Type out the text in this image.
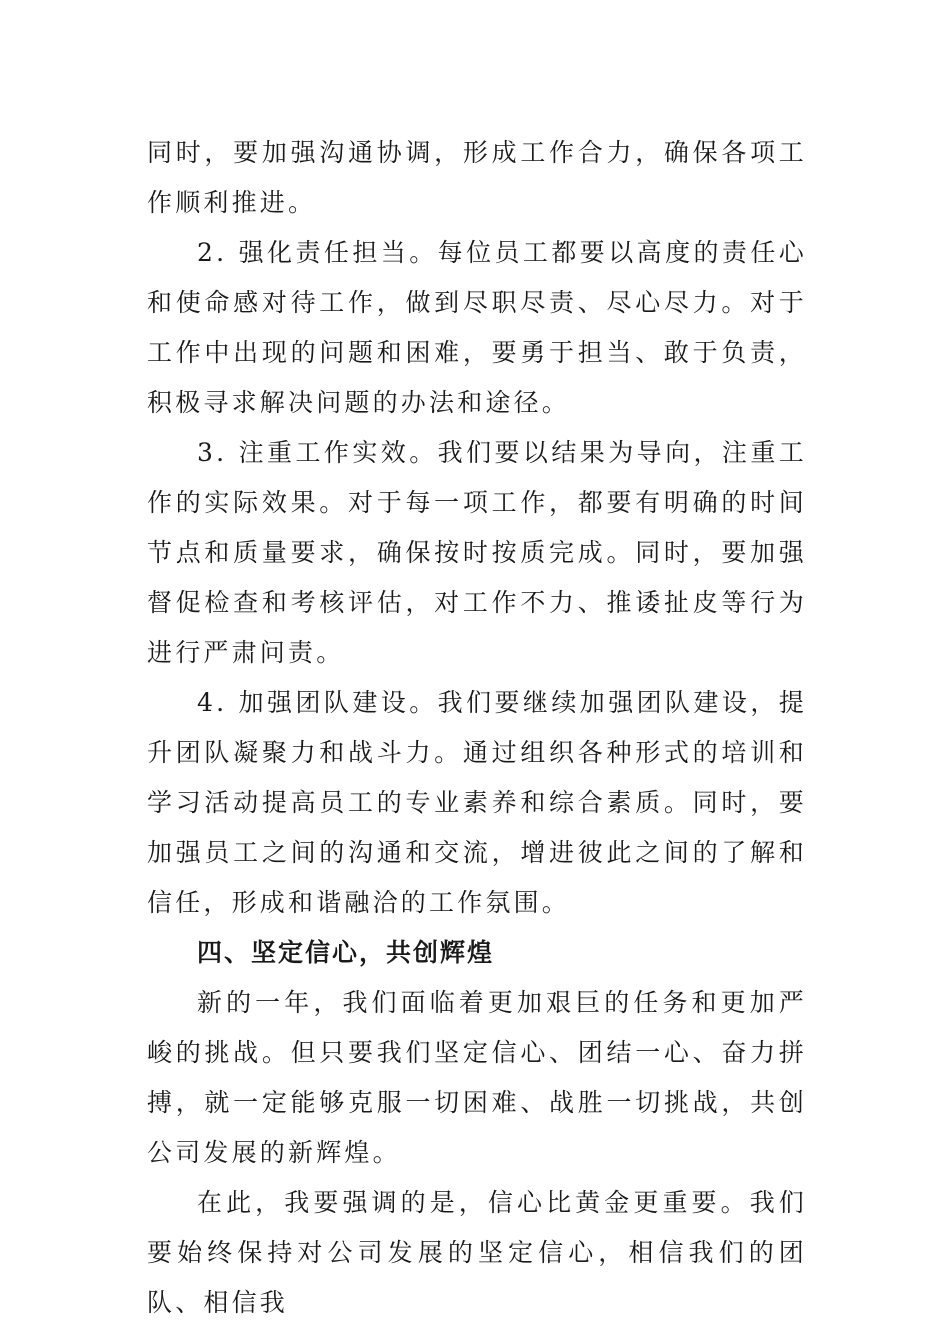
同时，要加强沟通协调，形成工作合力，确保各项工作顺利推进。

2. 强化责任担当。每位员工都要以高度的责任心和使命感对待工作，做到尽职尽责、尽心尽力。对于工作中出现的问题和困难，要勇于担当、敢于负责，积极寻求解决问题的办法和途径。

3. 注重工作实效。我们要以结果为导向，注重工作的实际效果。对于每一项工作，都要有明确的时间节点和质量要求，确保按时按质完成。同时，要加强督促检查和考核评估，对工作不力、推诿扯皮等行为进行严肃问责。

4. 加强团队建设。我们要继续加强团队建设，提升团队凝聚力和战斗力。通过组织各种形式的培训和学习活动提高员工的专业素养和综合素质。同时，要加强员工之间的沟通和交流，增进彼此之间的了解和信任，形成和谐融洽的工作氛围。

四、坚定信心，共创辉煌

新的一年，我们面临着更加艰巨的任务和更加严峻的挑战。但只要我们坚定信心、团结一心、奋力拼搏，就一定能够克服一切困难、战胜一切挑战，共创公司发展的新辉煌。

在此，我要强调的是，信心比黄金更重要。我们要始终保持对公司发展的坚定信心，相信我们的团队、相信我
